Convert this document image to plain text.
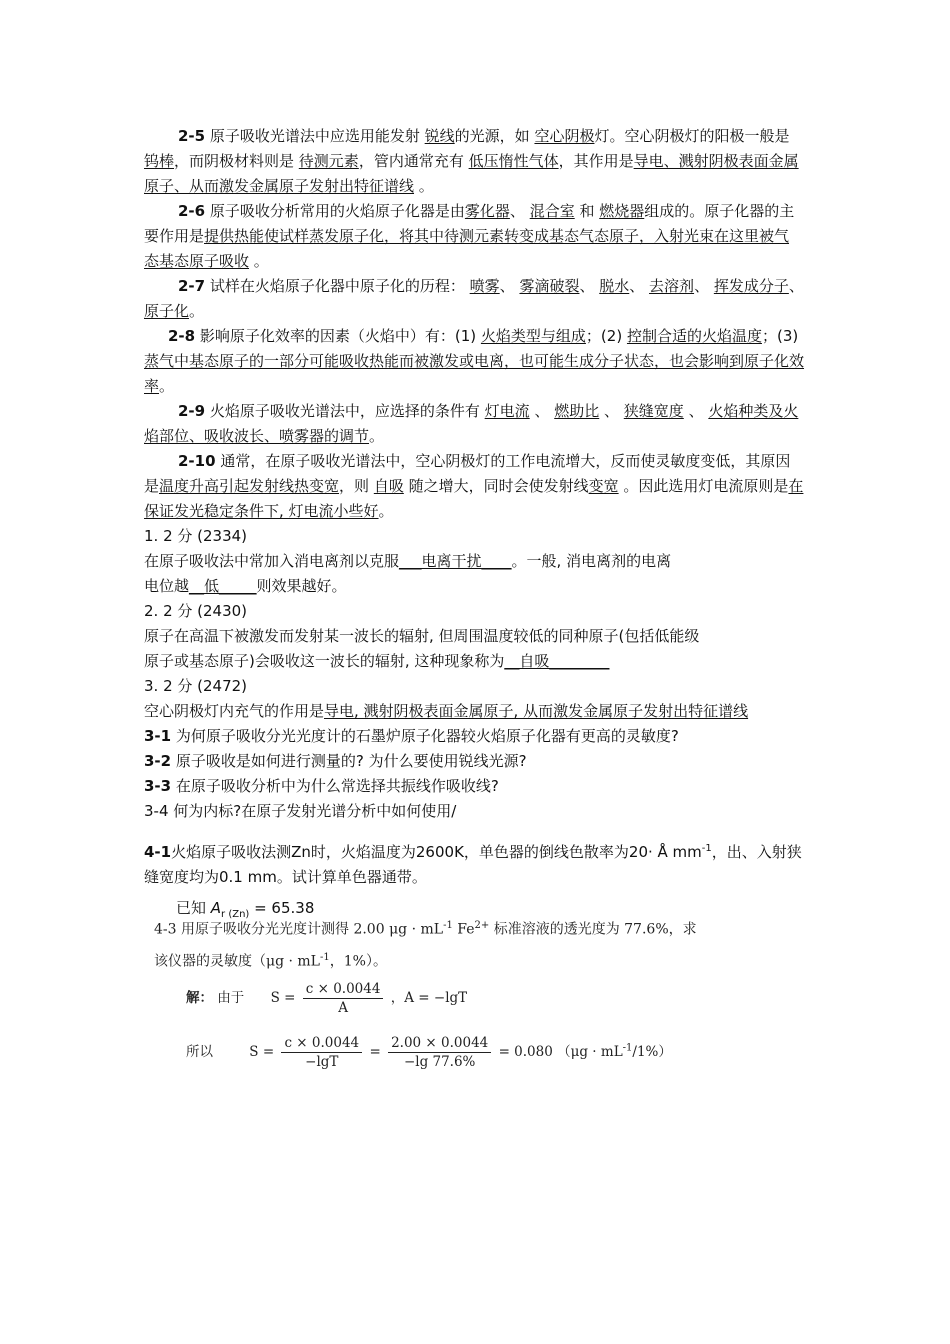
2-5 原子吸收光谱法中应选用能发射 锐线的光源，如 空心阴极灯。空心阴极灯的阳极一般是 钨棒，而阴极材料则是 待测元素，管内通常充有 低压惰性气体，其作用是导电、溅射阴极表面金属原子、从而激发金属原子发射出特征谱线 。

2-6 原子吸收分析常用的火焰原子化器是由雾化器、 混合室 和 燃烧器组成的。原子化器的主要作用是提供热能使试样蒸发原子化，将其中待测元素转变成基态气态原子，入射光束在这里被气态基态原子吸收 。

2-7 试样在火焰原子化器中原子化的历程： 喷雾、 雾滴破裂、 脱水、 去溶剂、 挥发成分子、 原子化。

2-8 影响原子化效率的因素（火焰中）有：(1) 火焰类型与组成；(2) 控制合适的火焰温度；(3) 蒸气中基态原子的一部分可能吸收热能而被激发或电离，也可能生成分子状态，也会影响到原子化效率。

2-9 火焰原子吸收光谱法中，应选择的条件有 灯电流 、 燃助比 、 狭缝宽度 、 火焰种类及火焰部位、吸收波长、喷雾器的调节。

2-10 通常，在原子吸收光谱法中，空心阴极灯的工作电流增大，反而使灵敏度变低，其原因是温度升高引起发射线热变宽，则 自吸 随之增大，同时会使发射线变宽 。因此选用灯电流原则是在保证发光稳定条件下, 灯电流小些好。

1. 2 分 (2334)
在原子吸收法中常加入消电离剂以克服___电离干扰____。一般, 消电离剂的电离
电位越__低_____则效果越好。
2. 2 分 (2430)
原子在高温下被激发而发射某一波长的辐射, 但周围温度较低的同种原子(包括低能级
原子或基态原子)会吸收这一波长的辐射, 这种现象称为__自吸________
3. 2 分 (2472)
空心阴极灯内充气的作用是导电, 溅射阴极表面金属原子, 从而激发金属原子发射出特征谱线
3-1 为何原子吸收分光光度计的石墨炉原子化器较火焰原子化器有更高的灵敏度?
3-2 原子吸收是如何进行测量的? 为什么要使用锐线光源?
3-3 在原子吸收分析中为什么常选择共振线作吸收线?
3-4 何为内标?在原子发射光谱分析中如何使用/

4-1火焰原子吸收法测Zn时，火焰温度为2600K，单色器的倒线色散率为20· Å $mm^{-1}$，出、入射狭缝宽度均为0.1 mm。试计算单色器通带。

已知 $A_{r (Zn)} = 65.38$
4-3 用原子吸收分光光度计测得 2.00 $\mu g \cdot mL^{-1}$ $Fe^{2+}$ 标准溶液的透光度为 77.6%，求
该仪器的灵敏度（$\mu g \cdot mL^{-1}$，1%）。
解： 由于 $S = \frac{c \times 0.0044}{A}$ ，A = −lgT
所以	$S = \frac{c \times 0.0044}{-\lg T} = \frac{2.00 \times 0.0044}{-\lg 77.6\%} = 0.080$ $(\mu g \cdot mL^{-1}/1\%)$
